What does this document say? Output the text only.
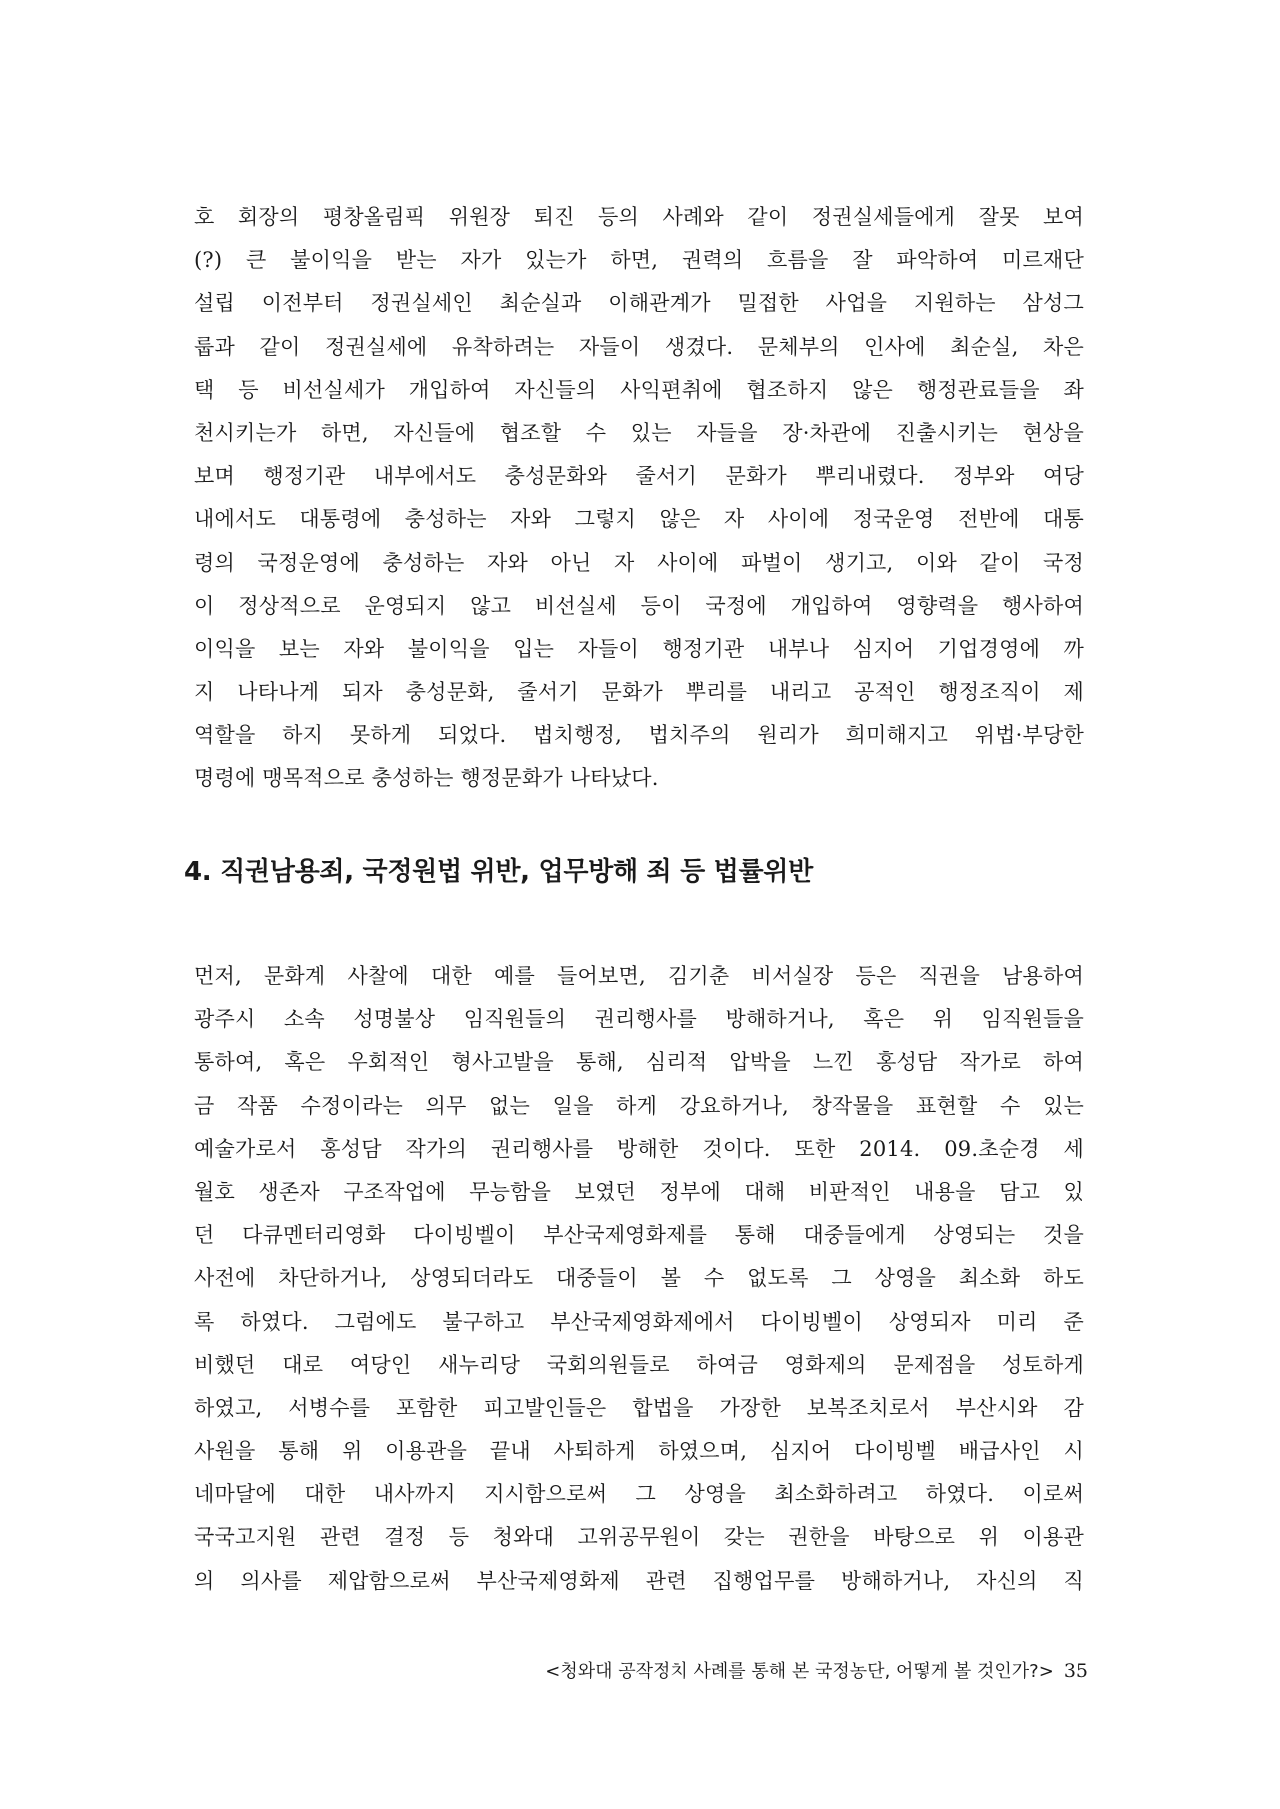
호 회장의 평창올림픽 위원장 퇴진 등의 사례와 같이 정권실세들에게 잘못 보여
(?) 큰 불이익을 받는 자가 있는가 하면, 권력의 흐름을 잘 파악하여 미르재단
설립 이전부터 정권실세인 최순실과 이해관계가 밀접한 사업을 지원하는 삼성그
룹과 같이 정권실세에 유착하려는 자들이 생겼다. 문체부의 인사에 최순실, 차은
택 등 비선실세가 개입하여 자신들의 사익편취에 협조하지 않은 행정관료들을 좌
천시키는가 하면, 자신들에 협조할 수 있는 자들을 장·차관에 진출시키는 현상을
보며 행정기관 내부에서도 충성문화와 줄서기 문화가 뿌리내렸다. 정부와 여당
내에서도 대통령에 충성하는 자와 그렇지 않은 자 사이에 정국운영 전반에 대통
령의 국정운영에 충성하는 자와 아닌 자 사이에 파벌이 생기고, 이와 같이 국정
이 정상적으로 운영되지 않고 비선실세 등이 국정에 개입하여 영향력을 행사하여
이익을 보는 자와 불이익을 입는 자들이 행정기관 내부나 심지어 기업경영에 까
지 나타나게 되자 충성문화, 줄서기 문화가 뿌리를 내리고 공적인 행정조직이 제
역할을 하지 못하게 되었다. 법치행정, 법치주의 원리가 희미해지고 위법·부당한
명령에 맹목적으로 충성하는 행정문화가 나타났다.
4. 직권남용죄, 국정원법 위반, 업무방해 죄 등 법률위반
먼저, 문화계 사찰에 대한 예를 들어보면, 김기춘 비서실장 등은 직권을 남용하여
광주시 소속 성명불상 임직원들의 권리행사를 방해하거나, 혹은 위 임직원들을
통하여, 혹은 우회적인 형사고발을 통해, 심리적 압박을 느낀 홍성담 작가로 하여
금 작품 수정이라는 의무 없는 일을 하게 강요하거나, 창작물을 표현할 수 있는
예술가로서 홍성담 작가의 권리행사를 방해한 것이다. 또한 2014. 09.초순경 세
월호 생존자 구조작업에 무능함을 보였던 정부에 대해 비판적인 내용을 담고 있
던 다큐멘터리영화 다이빙벨이 부산국제영화제를 통해 대중들에게 상영되는 것을
사전에 차단하거나, 상영되더라도 대중들이 볼 수 없도록 그 상영을 최소화 하도
록 하였다. 그럼에도 불구하고 부산국제영화제에서 다이빙벨이 상영되자 미리 준
비했던 대로 여당인 새누리당 국회의원들로 하여금 영화제의 문제점을 성토하게
하였고, 서병수를 포함한 피고발인들은 합법을 가장한 보복조치로서 부산시와 감
사원을 통해 위 이용관을 끝내 사퇴하게 하였으며, 심지어 다이빙벨 배급사인 시
네마달에 대한 내사까지 지시함으로써 그 상영을 최소화하려고 하였다. 이로써
국국고지원 관련 결정 등 청와대 고위공무원이 갖는 권한을 바탕으로 위 이용관
의 의사를 제압함으로써 부산국제영화제 관련 집행업무를 방해하거나, 자신의 직
<청와대 공작정치 사례를 통해 본 국정농단, 어떻게 볼 것인가?> 35
